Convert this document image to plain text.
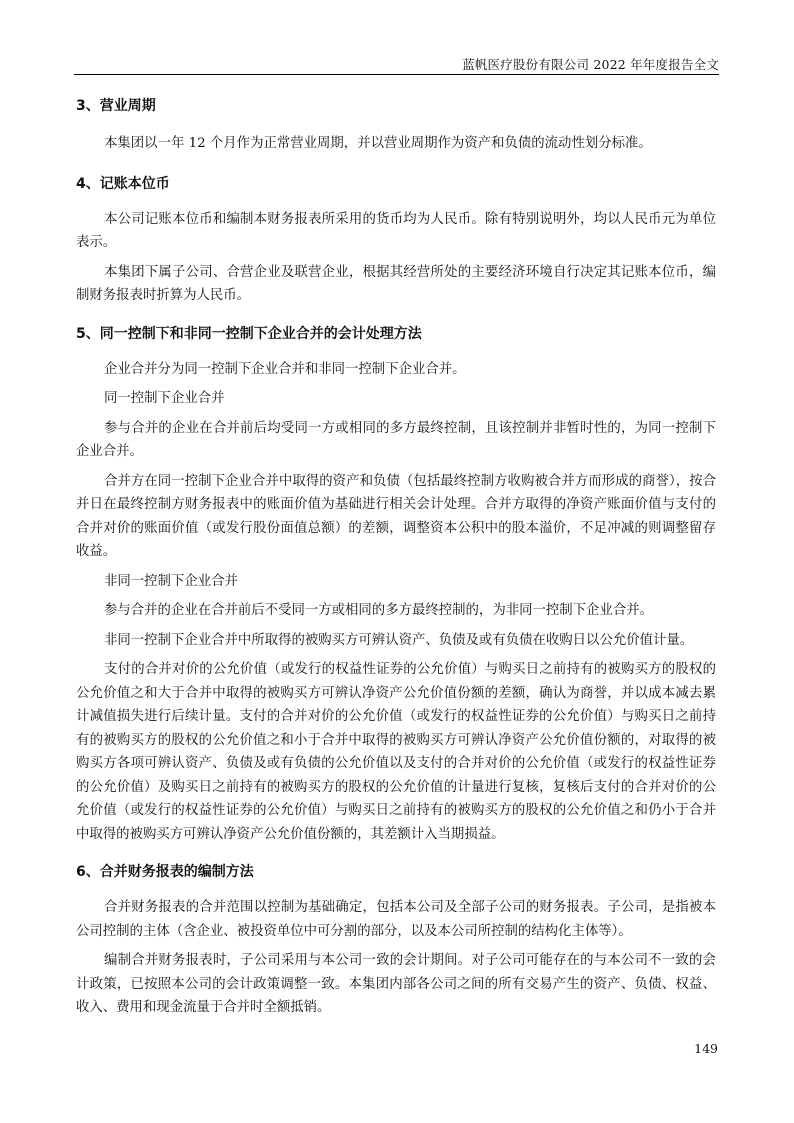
蓝帆医疗股份有限公司 2022 年年度报告全文
3、营业周期

本集团以一年 12 个月作为正常营业周期，并以营业周期作为资产和负债的流动性划分标准。

4、记账本位币

本公司记账本位币和编制本财务报表所采用的货币均为人民币。除有特别说明外，均以人民币元为单位表示。

本集团下属子公司、合营企业及联营企业，根据其经营所处的主要经济环境自行决定其记账本位币，编制财务报表时折算为人民币。

5、同一控制下和非同一控制下企业合并的会计处理方法

企业合并分为同一控制下企业合并和非同一控制下企业合并。

同一控制下企业合并

参与合并的企业在合并前后均受同一方或相同的多方最终控制，且该控制并非暂时性的，为同一控制下企业合并。

合并方在同一控制下企业合并中取得的资产和负债（包括最终控制方收购被合并方而形成的商誉），按合并日在最终控制方财务报表中的账面价值为基础进行相关会计处理。合并方取得的净资产账面价值与支付的合并对价的账面价值（或发行股份面值总额）的差额，调整资本公积中的股本溢价，不足冲减的则调整留存收益。

非同一控制下企业合并

参与合并的企业在合并前后不受同一方或相同的多方最终控制的，为非同一控制下企业合并。

非同一控制下企业合并中所取得的被购买方可辨认资产、负债及或有负债在收购日以公允价值计量。

支付的合并对价的公允价值（或发行的权益性证券的公允价值）与购买日之前持有的被购买方的股权的公允价值之和大于合并中取得的被购买方可辨认净资产公允价值份额的差额，确认为商誉，并以成本减去累计减值损失进行后续计量。支付的合并对价的公允价值（或发行的权益性证券的公允价值）与购买日之前持有的被购买方的股权的公允价值之和小于合并中取得的被购买方可辨认净资产公允价值份额的，对取得的被购买方各项可辨认资产、负债及或有负债的公允价值以及支付的合并对价的公允价值（或发行的权益性证券的公允价值）及购买日之前持有的被购买方的股权的公允价值的计量进行复核，复核后支付的合并对价的公允价值（或发行的权益性证券的公允价值）与购买日之前持有的被购买方的股权的公允价值之和仍小于合并中取得的被购买方可辨认净资产公允价值份额的，其差额计入当期损益。

6、合并财务报表的编制方法

合并财务报表的合并范围以控制为基础确定，包括本公司及全部子公司的财务报表。子公司，是指被本公司控制的主体（含企业、被投资单位中可分割的部分，以及本公司所控制的结构化主体等）。

编制合并财务报表时，子公司采用与本公司一致的会计期间。对子公司可能存在的与本公司不一致的会计政策，已按照本公司的会计政策调整一致。本集团内部各公司之间的所有交易产生的资产、负债、权益、收入、费用和现金流量于合并时全额抵销。

149
